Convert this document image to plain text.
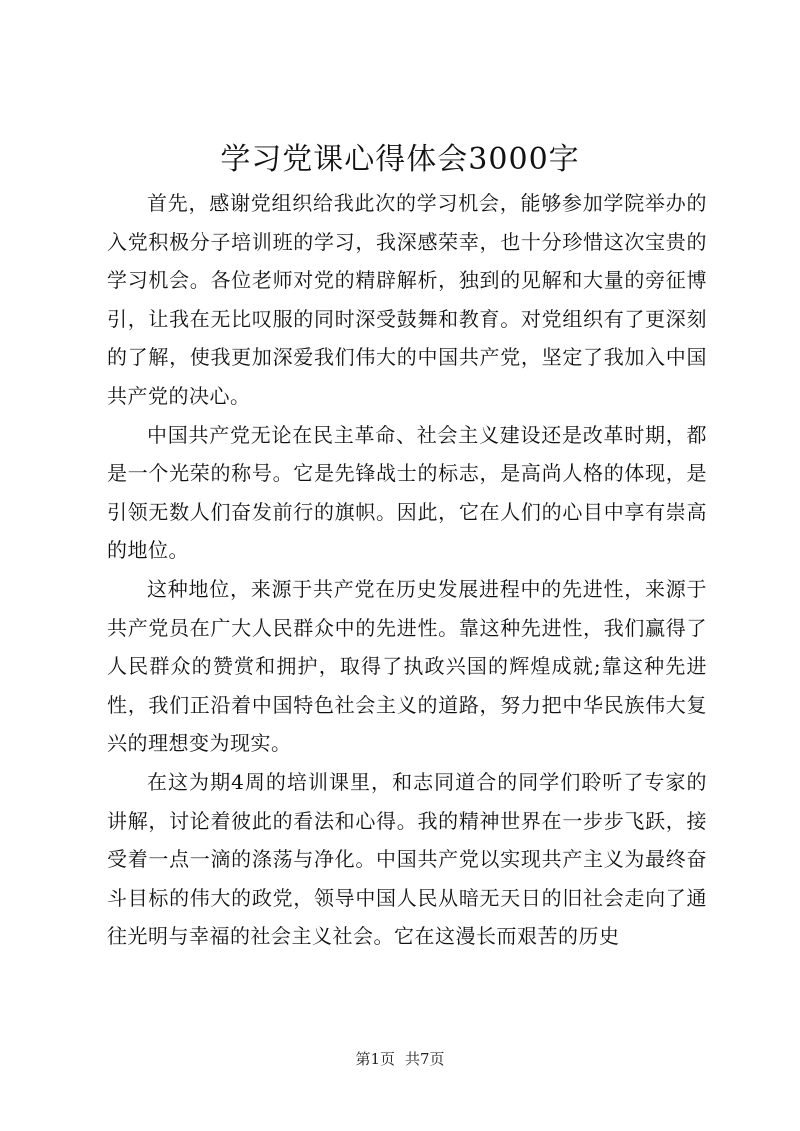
学习党课心得体会3000字

首先，感谢党组织给我此次的学习机会，能够参加学院举办的入党积极分子培训班的学习，我深感荣幸，也十分珍惜这次宝贵的学习机会。各位老师对党的精辟解析，独到的见解和大量的旁征博引，让我在无比叹服的同时深受鼓舞和教育。对党组织有了更深刻的了解，使我更加深爱我们伟大的中国共产党，坚定了我加入中国共产党的决心。

中国共产党无论在民主革命、社会主义建设还是改革时期，都是一个光荣的称号。它是先锋战士的标志，是高尚人格的体现，是引领无数人们奋发前行的旗帜。因此，它在人们的心目中享有崇高的地位。

这种地位，来源于共产党在历史发展进程中的先进性，来源于共产党员在广大人民群众中的先进性。靠这种先进性，我们赢得了人民群众的赞赏和拥护，取得了执政兴国的辉煌成就;靠这种先进性，我们正沿着中国特色社会主义的道路，努力把中华民族伟大复兴的理想变为现实。

在这为期4周的培训课里，和志同道合的同学们聆听了专家的讲解，讨论着彼此的看法和心得。我的精神世界在一步步飞跃，接受着一点一滴的涤荡与净化。中国共产党以实现共产主义为最终奋斗目标的伟大的政党，领导中国人民从暗无天日的旧社会走向了通往光明与幸福的社会主义社会。它在这漫长而艰苦的历史

第1页 共7页
